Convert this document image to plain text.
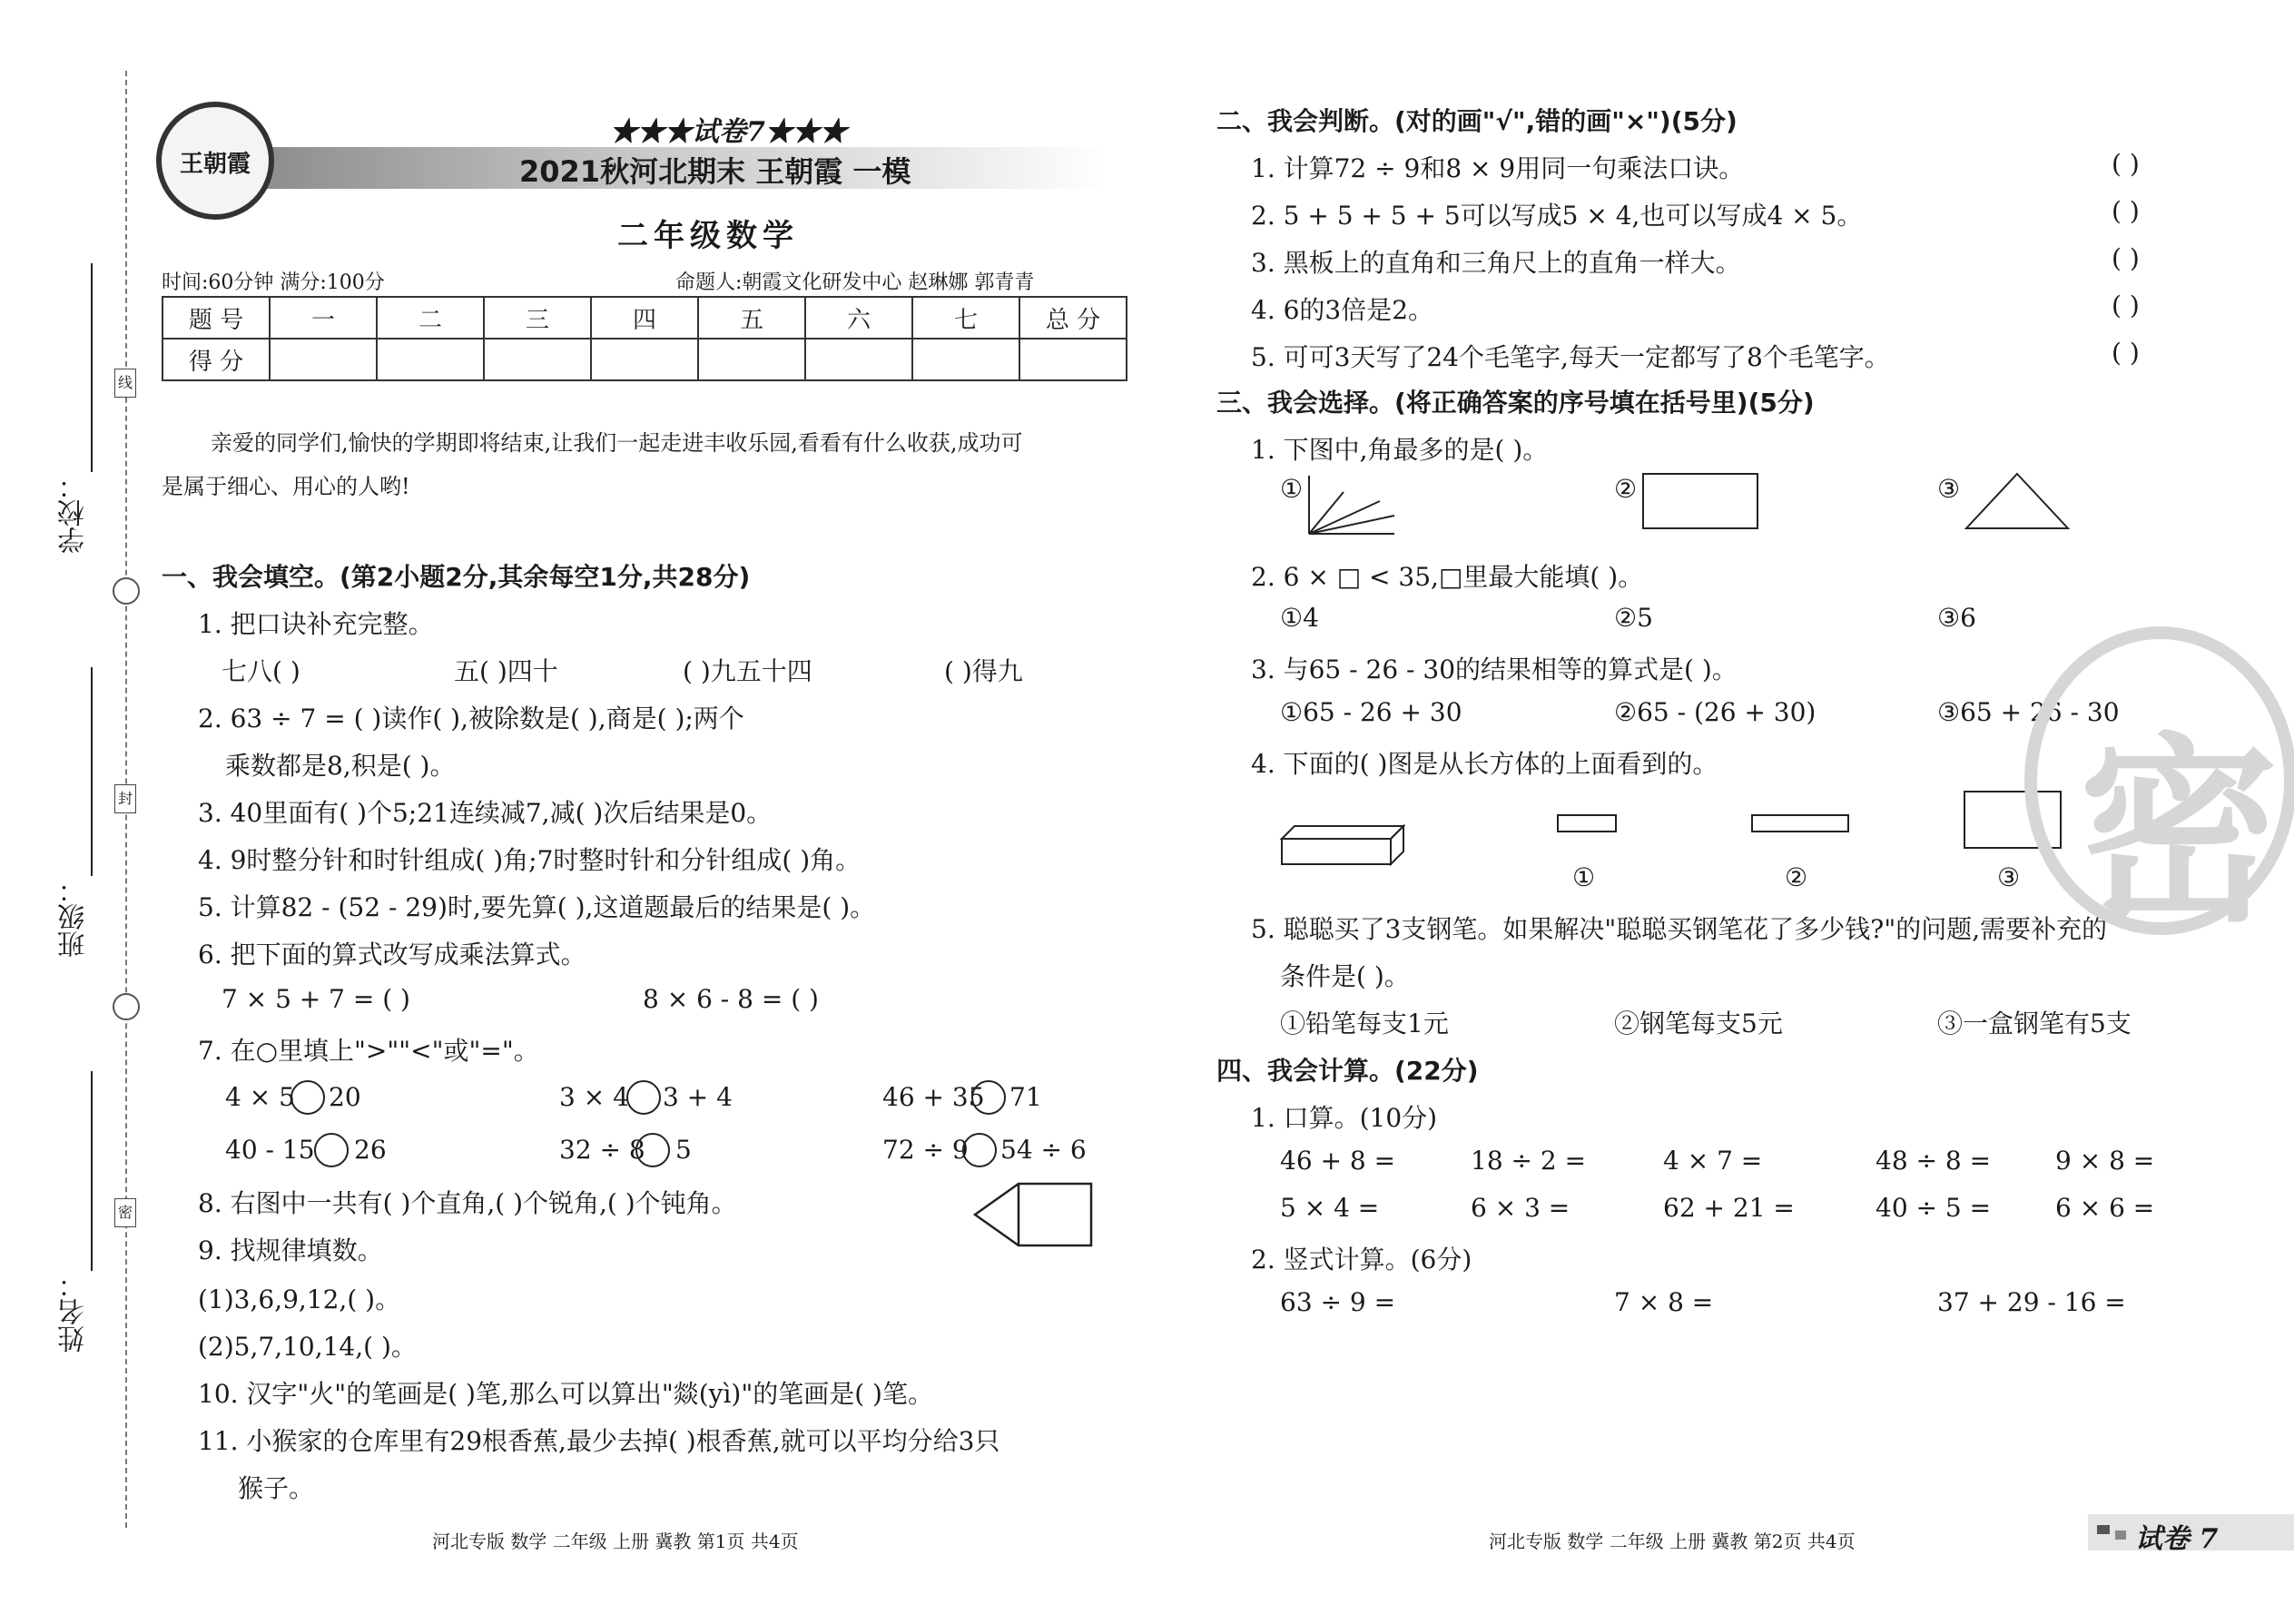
学校：
班级：
姓名：
线
封
密
王朝霞
★★★试卷7★★★
2021秋河北期末 王朝霞 一模
二年级数学
时间:60分钟 满分:100分	命题人:朝霞文化研发中心 赵琳娜 郭青青
题 号	一	二	三	四	五	六	七	总 分
得 分								
亲爱的同学们,愉快的学期即将结束,让我们一起走进丰收乐园,看看有什么收获,成功可
是属于细心、用心的人哟!
一、我会填空。(第2小题2分,其余每空1分,共28分)
1. 把口诀补充完整。
七八( )	五( )四十	( )九五十四	( )得九
2. 63 ÷ 7 = ( )读作( ),被除数是( ),商是( );两个
乘数都是8,积是( )。
3. 40里面有( )个5;21连续减7,减( )次后结果是0。
4. 9时整分针和时针组成( )角;7时整时针和分针组成( )角。
5. 计算82 - (52 - 29)时,要先算( ),这道题最后的结果是( )。
6. 把下面的算式改写成乘法算式。
7 × 5 + 7 = ( )	8 × 6 - 8 = ( )
7. 在○里填上">""<"或"="。
4 × 5 20	3 × 4 3 + 4	46 + 35 71
40 - 15 26	32 ÷ 8 5	72 ÷ 9 54 ÷ 6
8. 右图中一共有( )个直角,( )个锐角,( )个钝角。
9. 找规律填数。
(1)3,6,9,12,( )。
(2)5,7,10,14,( )。
10. 汉字"火"的笔画是( )笔,那么可以算出"燚(yì)"的笔画是( )笔。
11. 小猴家的仓库里有29根香蕉,最少去掉( )根香蕉,就可以平均分给3只
猴子。
二、我会判断。(对的画"√",错的画"×")(5分)
1. 计算72 ÷ 9和8 × 9用同一句乘法口诀。
2. 5 + 5 + 5 + 5可以写成5 × 4,也可以写成4 × 5。
3. 黑板上的直角和三角尺上的直角一样大。
4. 6的3倍是2。
5. 可可3天写了24个毛笔字,每天一定都写了8个毛笔字。
( )
( )
( )
( )
( )
三、我会选择。(将正确答案的序号填在括号里)(5分)
1. 下图中,角最多的是( )。
①	②	③
2. 6 × □ < 35,□里最大能填( )。
①4	②5	③6
3. 与65 - 26 - 30的结果相等的算式是( )。
①65 - 26 + 30	②65 - (26 + 30)	③65 + 26 - 30
4. 下面的( )图是从长方体的上面看到的。
①	②	③
5. 聪聪买了3支钢笔。如果解决"聪聪买钢笔花了多少钱?"的问题,需要补充的
条件是( )。
①铅笔每支1元	②钢笔每支5元	③一盒钢笔有5支
四、我会计算。(22分)
1. 口算。(10分)
46 + 8 =	18 ÷ 2 =	4 × 7 =	48 ÷ 8 =	9 × 8 =
5 × 4 =	6 × 3 =	62 + 21 =	40 ÷ 5 =	6 × 6 =
2. 竖式计算。(6分)
63 ÷ 9 =	7 × 8 =	37 + 29 - 16 =
密
河北专版 数学 二年级 上册 冀教 第1页 共4页	河北专版 数学 二年级 上册 冀教 第2页 共4页	试卷 7
